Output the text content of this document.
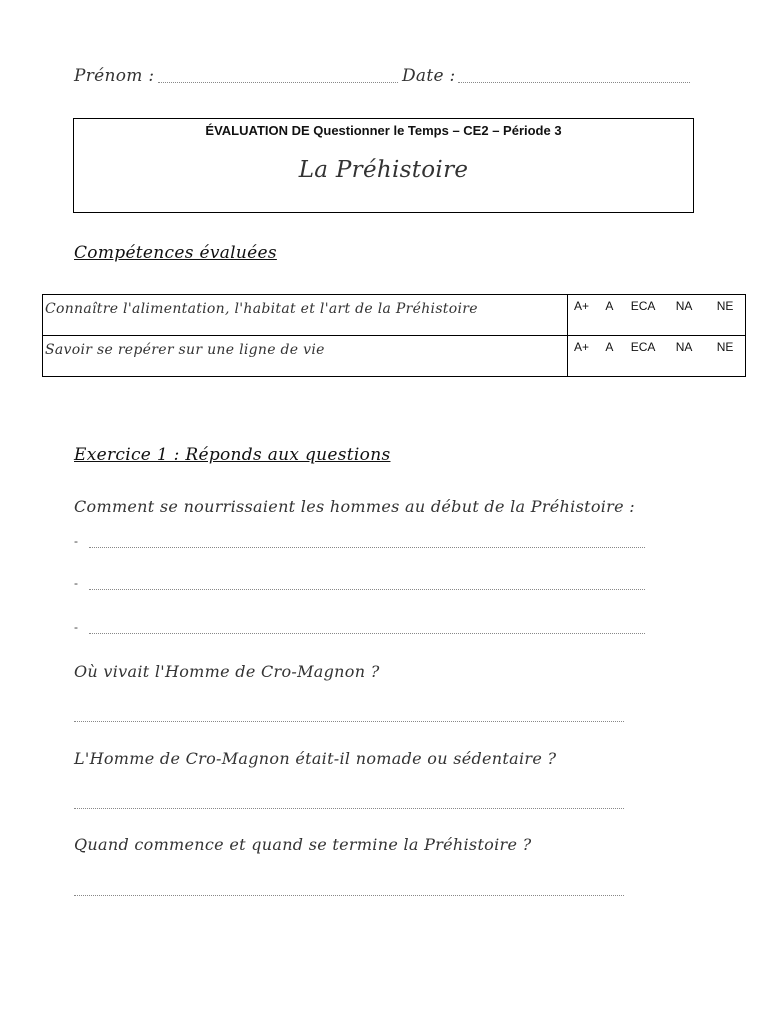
Prénom :	Date :
ÉVALUATION DE Questionner le Temps – CE2 – Période 3
La Préhistoire
Compétences évaluées
Connaître l'alimentation, l'habitat et l'art de la Préhistoire	A+ A ECA NA NE
Savoir se repérer sur une ligne de vie	A+ A ECA NA NE
Exercice 1 : Réponds aux questions
Comment se nourrissaient les hommes au début de la Préhistoire :
-
-
-
Où vivait l'Homme de Cro-Magnon ?
L'Homme de Cro-Magnon était-il nomade ou sédentaire ?
Quand commence et quand se termine la Préhistoire ?
